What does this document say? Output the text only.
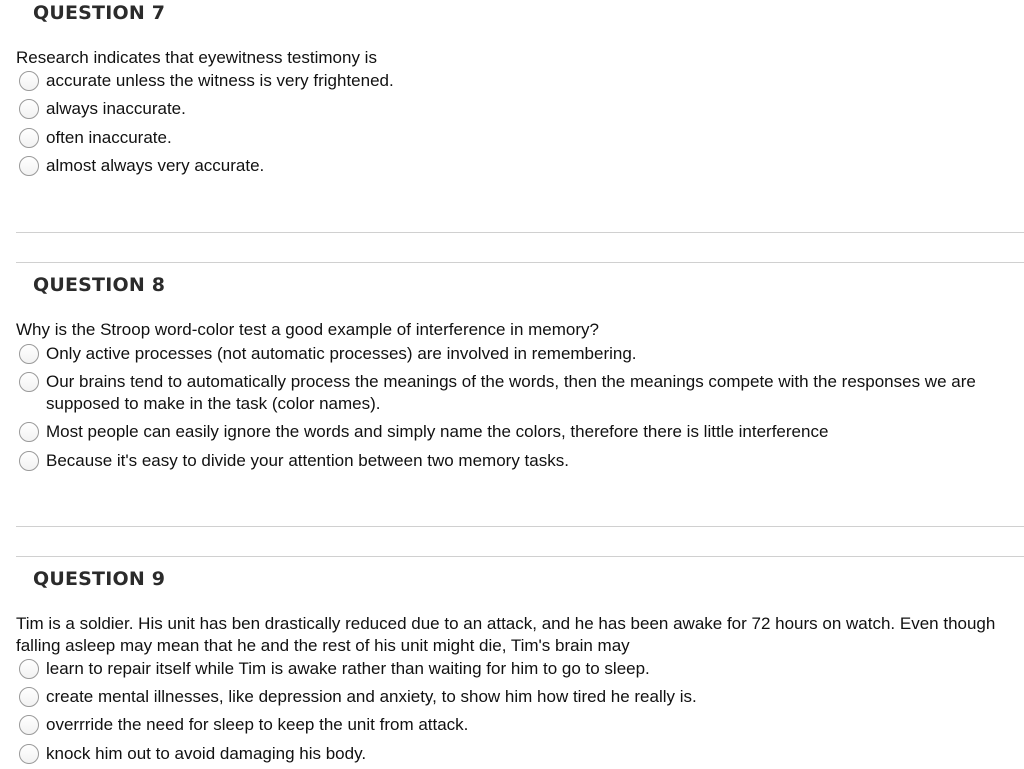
QUESTION 7
Research indicates that eyewitness testimony is
accurate unless the witness is very frightened.
always inaccurate.
often inaccurate.
almost always very accurate.
QUESTION 8
Why is the Stroop word-color test a good example of interference in memory?
Only active processes (not automatic processes) are involved in remembering.
Our brains tend to automatically process the meanings of the words, then the meanings compete with the responses we are supposed to make in the task (color names).
Most people can easily ignore the words and simply name the colors, therefore there is little interference
Because it's easy to divide your attention between two memory tasks.
QUESTION 9
Tim is a soldier. His unit has ben drastically reduced due to an attack, and he has been awake for 72 hours on watch. Even though falling asleep may mean that he and the rest of his unit might die, Tim's brain may
learn to repair itself while Tim is awake rather than waiting for him to go to sleep.
create mental illnesses, like depression and anxiety, to show him how tired he really is.
overrride the need for sleep to keep the unit from attack.
knock him out to avoid damaging his body.
